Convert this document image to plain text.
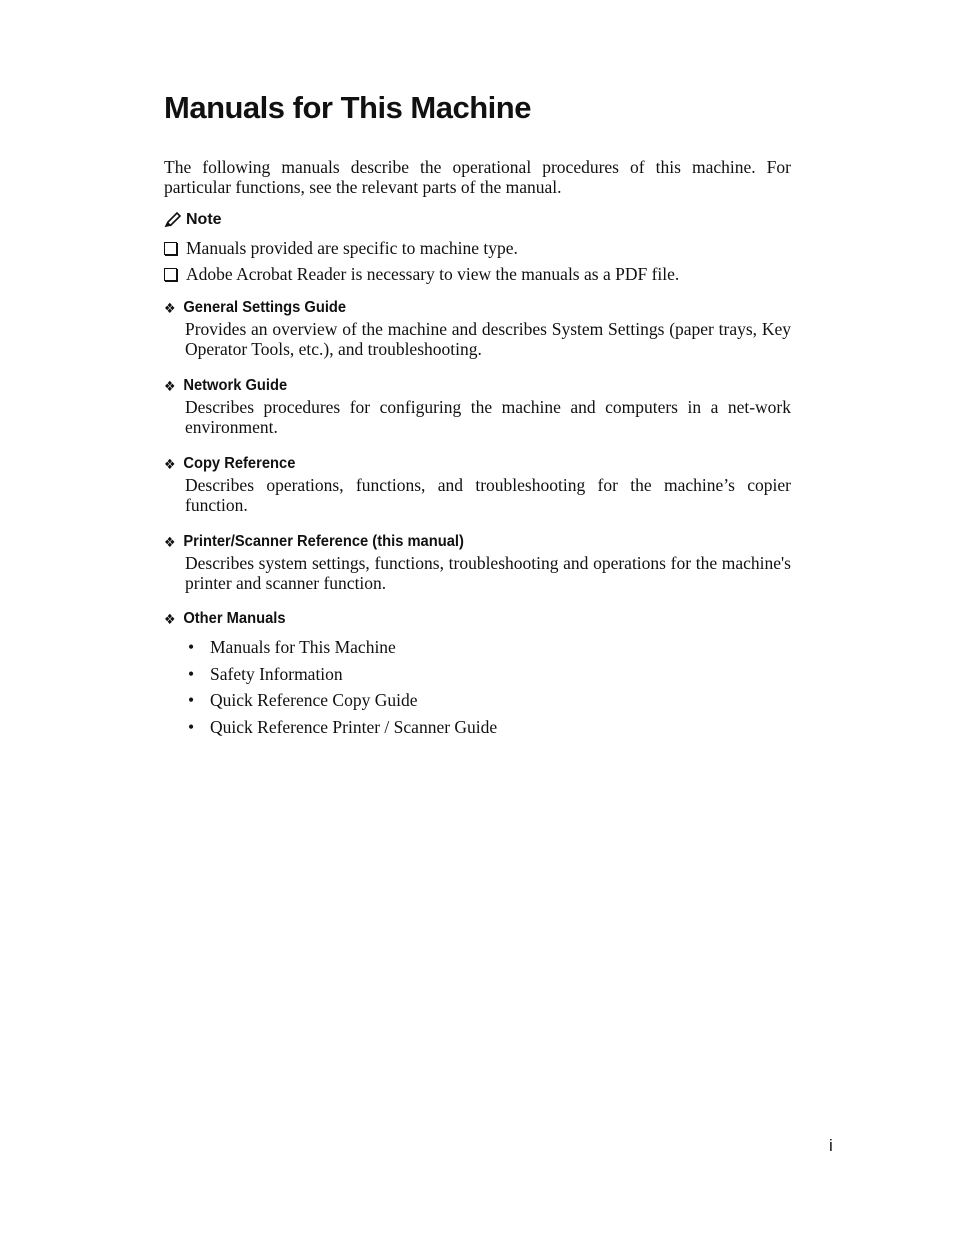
Manuals for This Machine

The following manuals describe the operational procedures of this machine. For particular functions, see the relevant parts of the manual.

Note
Manuals provided are specific to machine type.
Adobe Acrobat Reader is necessary to view the manuals as a PDF file.
❖ General Settings Guide
Provides an overview of the machine and describes System Settings (paper trays, Key Operator Tools, etc.), and troubleshooting.
❖ Network Guide
Describes procedures for configuring the machine and computers in a net-work environment.
❖ Copy Reference
Describes operations, functions, and troubleshooting for the machine’s copier function.
❖ Printer/Scanner Reference (this manual)
Describes system settings, functions, troubleshooting and operations for the machine's printer and scanner function.
❖ Other Manuals
• Manuals for This Machine
• Safety Information
• Quick Reference Copy Guide
• Quick Reference Printer / Scanner Guide
i
